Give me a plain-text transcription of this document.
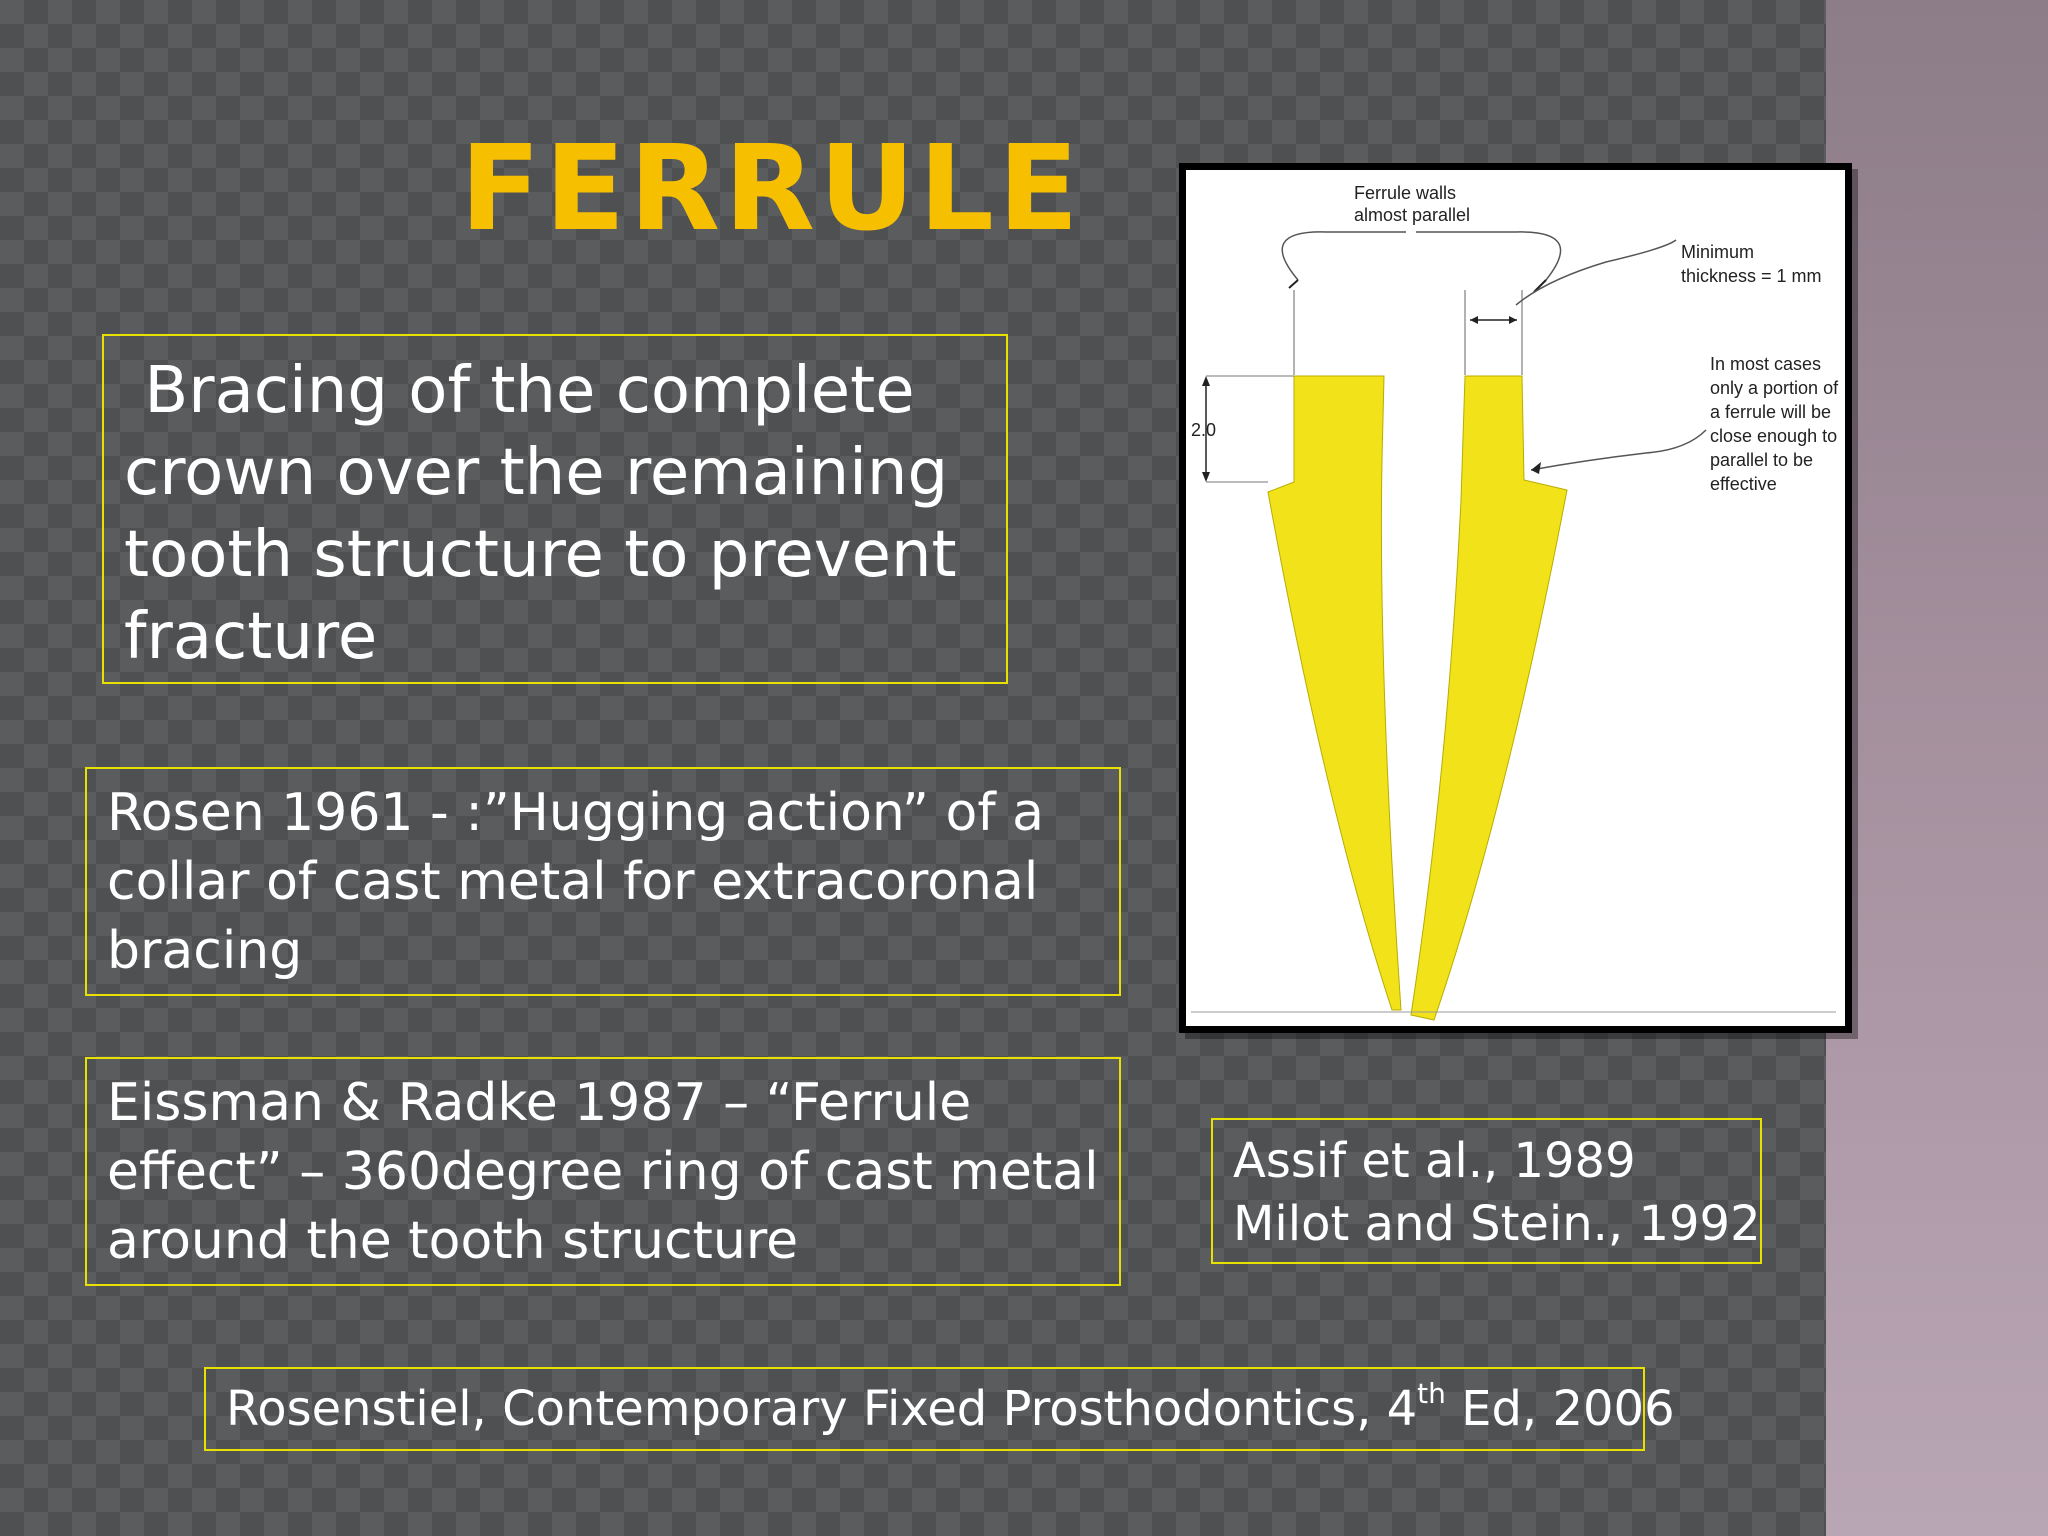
FERRULE
Bracing of the complete
crown over the remaining
tooth structure to prevent
fracture
Rosen 1961 - :”Hugging action” of a
collar of cast metal for extracoronal
bracing
Eissman & Radke 1987 – “Ferrule
effect” – 360degree ring of cast metal
around the tooth structure
Assif et al., 1989
Milot and Stein., 1992
Rosenstiel, Contemporary Fixed Prosthodontics, 4th Ed, 2006
Ferrule walls
almost parallel
Minimum
thickness = 1 mm
In most cases
only a portion of
a ferrule will be
close enough to
parallel to be
effective
2.0
